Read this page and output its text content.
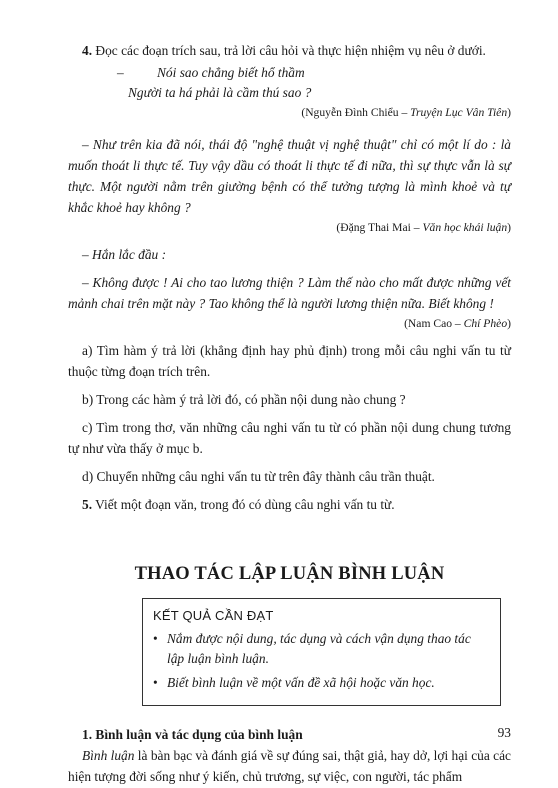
4. Đọc các đoạn trích sau, trả lời câu hỏi và thực hiện nhiệm vụ nêu ở dưới.

–	Nói sao chẳng biết hổ thầm
Người ta há phải là cầm thú sao ?

(Nguyễn Đình Chiểu – Truyện Lục Vân Tiên)

– Như trên kia đã nói, thái độ "nghệ thuật vị nghệ thuật" chỉ có một lí do : là muốn thoát li thực tế. Tuy vậy dầu có thoát li thực tế đi nữa, thì sự thực vẫn là sự thực. Một người nằm trên giường bệnh có thể tưởng tượng là mình khoẻ và tự khắc khoẻ hay không ?

(Đặng Thai Mai – Văn học khái luận)

– Hắn lắc đầu :

– Không được ! Ai cho tao lương thiện ? Làm thế nào cho mất được những vết mảnh chai trên mặt này ? Tao không thể là người lương thiện nữa. Biết không !

(Nam Cao – Chí Phèo)

a) Tìm hàm ý trả lời (khẳng định hay phủ định) trong mỗi câu nghi vấn tu từ thuộc từng đoạn trích trên.

b) Trong các hàm ý trả lời đó, có phần nội dung nào chung ?

c) Tìm trong thơ, văn những câu nghi vấn tu từ có phần nội dung chung tương tự như vừa thấy ở mục b.

d) Chuyển những câu nghi vấn tu từ trên đây thành câu trần thuật.

5. Viết một đoạn văn, trong đó có dùng câu nghi vấn tu từ.

THAO TÁC LẬP LUẬN BÌNH LUẬN
KẾT QUẢ CẦN ĐẠT
• Nắm được nội dung, tác dụng và cách vận dụng thao tác lập luận bình luận.
• Biết bình luận về một vấn đề xã hội hoặc văn học.

1. Bình luận và tác dụng của bình luận

Bình luận là bàn bạc và đánh giá về sự đúng sai, thật giả, hay dở, lợi hại của các hiện tượng đời sống như ý kiến, chủ trương, sự việc, con người, tác phẩm

93
